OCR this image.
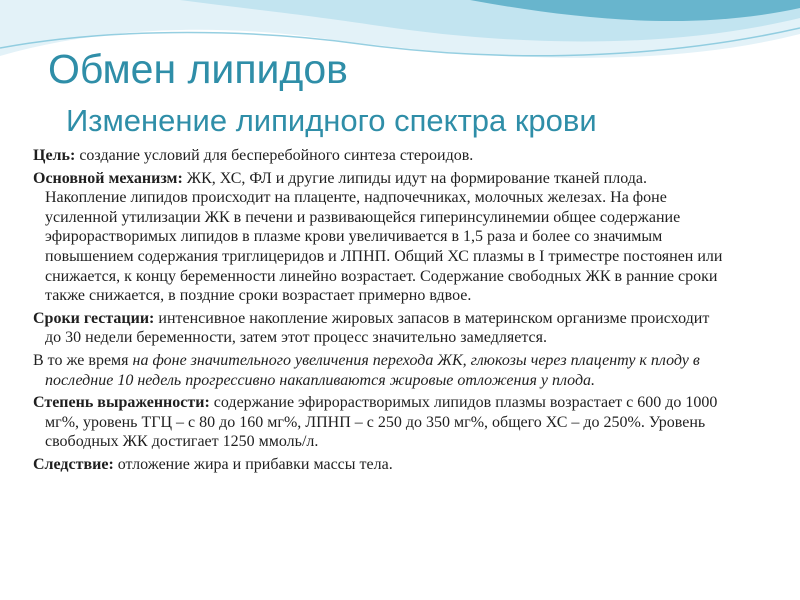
Обмен липидов
Изменение липидного спектра крови

Цель: создание условий для бесперебойного синтеза стероидов.

Основной механизм: ЖК, ХС, ФЛ и другие липиды идут на формирование тканей плода. Накопление липидов происходит на плаценте, надпочечниках, молочных железах. На фоне усиленной утилизации ЖК в печени и развивающейся гиперинсулинемии общее содержание эфирорастворимых липидов в плазме крови увеличивается в 1,5 раза и более со значимым повышением содержания триглицеридов и ЛПНП. Общий ХС плазмы в I триместре постоянен или снижается, к концу беременности линейно возрастает. Содержание свободных ЖК в ранние сроки также снижается, в поздние сроки возрастает примерно вдвое.

Сроки гестации: интенсивное накопление жировых запасов в материнском организме происходит до 30 недели беременности, затем этот процесс значительно замедляется.

В то же время на фоне значительного увеличения перехода ЖК, глюкозы через плаценту к плоду в последние 10 недель прогрессивно накапливаются жировые отложения у плода.

Степень выраженности: содержание эфирорастворимых липидов плазмы возрастает с 600 до 1000 мг%, уровень ТГЦ – с 80 до 160 мг%, ЛПНП – с 250 до 350 мг%, общего ХС – до 250%. Уровень свободных ЖК достигает 1250 ммоль/л.

Следствие: отложение жира и прибавки массы тела.
